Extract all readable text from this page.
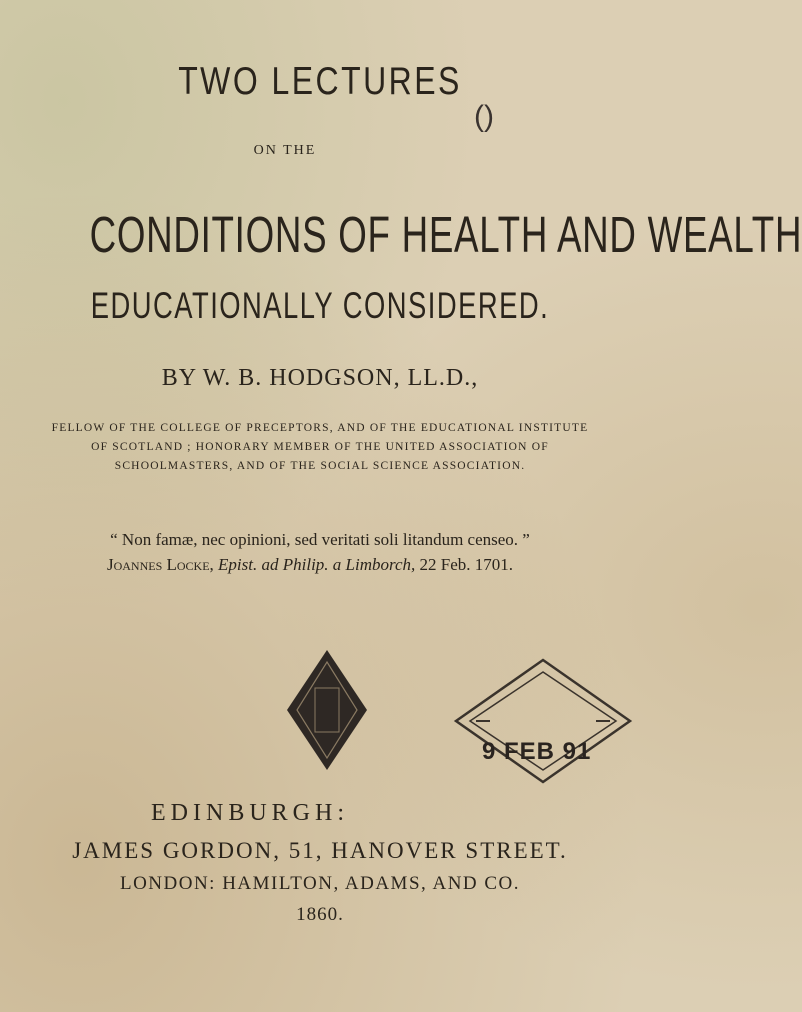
TWO LECTURES
()
ON THE
CONDITIONS OF HEALTH AND WEALTH
EDUCATIONALLY CONSIDERED.
BY W. B. HODGSON, LL.D.,
FELLOW OF THE COLLEGE OF PRECEPTORS, AND OF THE EDUCATIONAL INSTITUTE
OF SCOTLAND ; HONORARY MEMBER OF THE UNITED ASSOCIATION OF
SCHOOLMASTERS, AND OF THE SOCIAL SCIENCE ASSOCIATION.
“ Non famæ, nec opinioni, sed veritati soli litandum censeo. ”
Joannes Locke, Epist. ad Philip. a Limborch, 22 Feb. 1701.
9 FEB 91
EDINBURGH:
JAMES GORDON, 51, HANOVER STREET.
LONDON: HAMILTON, ADAMS, AND CO.
1860.
